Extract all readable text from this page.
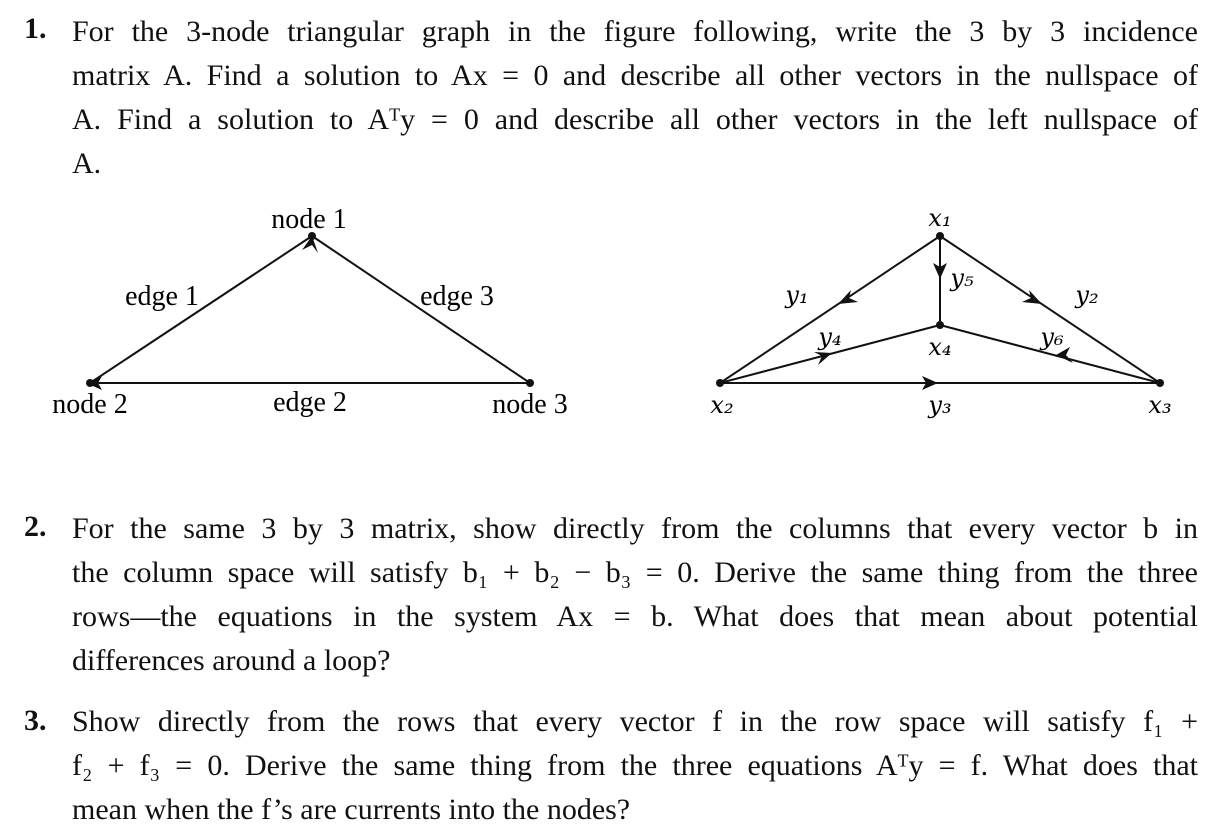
1. For the 3-node triangular graph in the figure following, write the 3 by 3 incidence
matrix A. Find a solution to Ax = 0 and describe all other vectors in the nullspace of
A. Find a solution to Aᵀy = 0 and describe all other vectors in the left nullspace of
A.
node 1
node 2	node 3
edge 1
edge 2
edge 3
x₁
x₂	x₃
x₄
y₁	y₂
y₃
y₄
y₅
y₆
2. For the same 3 by 3 matrix, show directly from the columns that every vector b in
the column space will satisfy b₁ + b₂ − b₃ = 0. Derive the same thing from the three
rows—the equations in the system Ax = b. What does that mean about potential
differences around a loop?
3. Show directly from the rows that every vector f in the row space will satisfy f₁ +
f₂ + f₃ = 0. Derive the same thing from the three equations Aᵀy = f. What does that
mean when the f’s are currents into the nodes?
